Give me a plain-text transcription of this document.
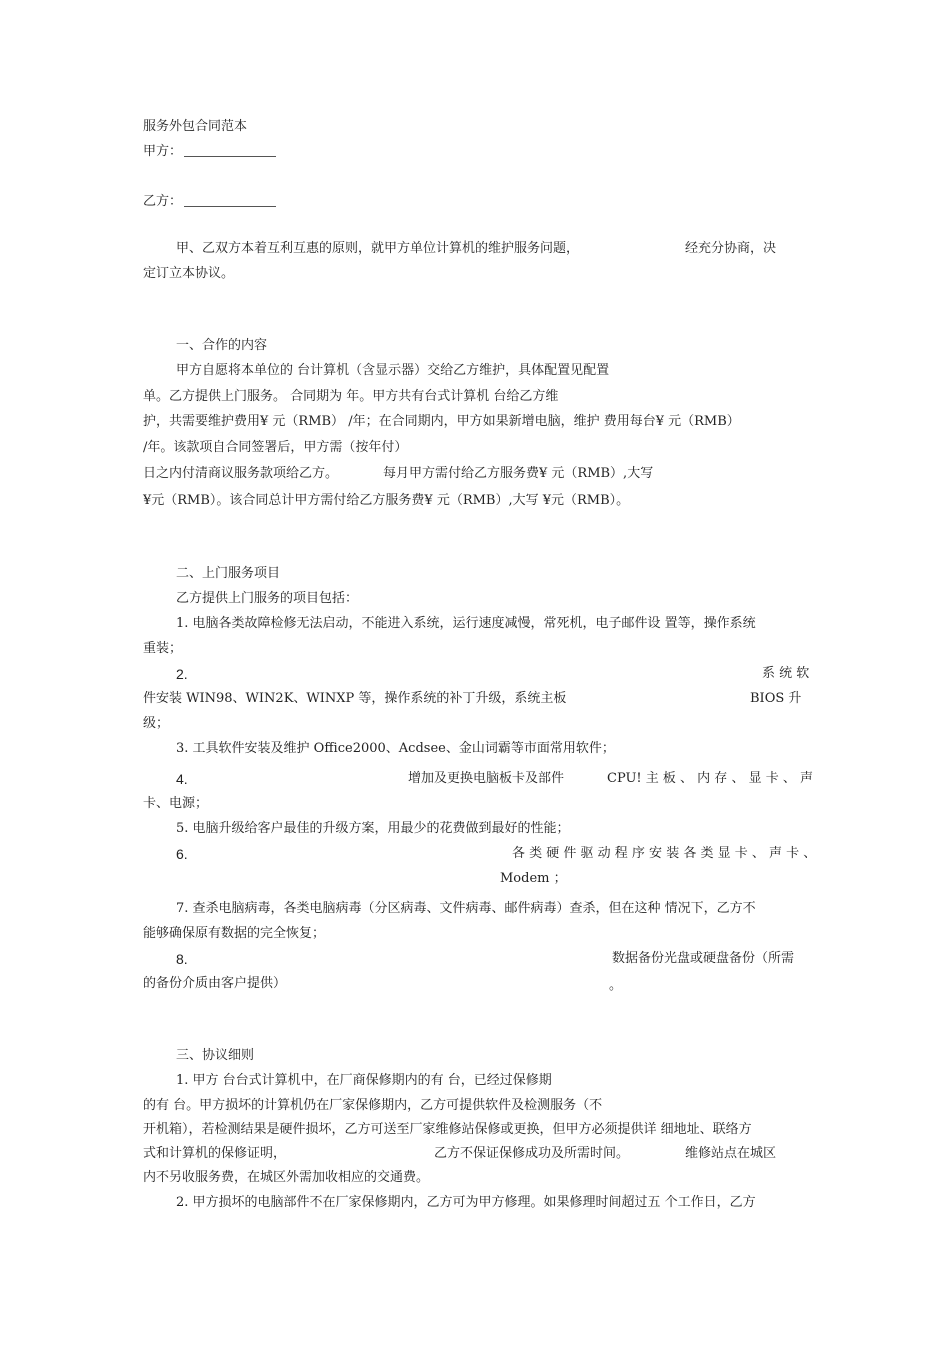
服务外包合同范本
甲方：
乙方：
甲、乙双方本着互利互惠的原则，就甲方单位计算机的维护服务问题，	经充分协商，决
定订立本协议。
一、合作的内容
甲方自愿将本单位的 台计算机（含显示器）交给乙方维护，具体配置见配置
单。乙方提供上门服务。 合同期为 年。甲方共有台式计算机 台给乙方维
护，共需要维护费用¥ 元（RMB） /年；在合同期内，甲方如果新增电脑，维护 费用每台¥ 元（RMB）
/年。该款项自合同签署后，甲方需（按年付）
日之内付清商议服务款项给乙方。	每月甲方需付给乙方服务费¥ 元（RMB）,大写
¥元（RMB）。该合同总计甲方需付给乙方服务费¥ 元（RMB）,大写 ¥元（RMB）。
二、上门服务项目
乙方提供上门服务的项目包括：
1. 电脑各类故障检修无法启动，不能进入系统，运行速度减慢，常死机，电子邮件设 置等，操作系统
重装；
2.	系 统 软
件安装 WIN98、WIN2K、WINXP 等，操作系统的补丁升级，系统主板	BIOS 升
级；
3. 工具软件安装及维护 Office2000、Acdsee、金山词霸等市面常用软件；
4.	增加及更换电脑板卡及部件	CPU! 主 板 、 内 存 、 显 卡 、 声
卡、电源；
5. 电脑升级给客户最佳的升级方案，用最少的花费做到最好的性能；
6.	各 类 硬 件 驱 动 程 序 安 装 各 类 显 卡 、 声 卡 、
Modem ；
7. 查杀电脑病毒，各类电脑病毒（分区病毒、文件病毒、邮件病毒）查杀，但在这种 情况下，乙方不
能够确保原有数据的完全恢复；
8.	数据备份光盘或硬盘备份（所需
的备份介质由客户提供）	。
三、协议细则
1. 甲方 台台式计算机中，在厂商保修期内的有 台，已经过保修期
的有 台。甲方损坏的计算机仍在厂家保修期内，乙方可提供软件及检测服务（不
开机箱），若检测结果是硬件损坏，乙方可送至厂家维修站保修或更换，但甲方必须提供详 细地址、联络方
式和计算机的保修证明，	乙方不保证保修成功及所需时间。	维修站点在城区
内不另收服务费，在城区外需加收相应的交通费。
2. 甲方损坏的电脑部件不在厂家保修期内，乙方可为甲方修理。如果修理时间超过五 个工作日，乙方
